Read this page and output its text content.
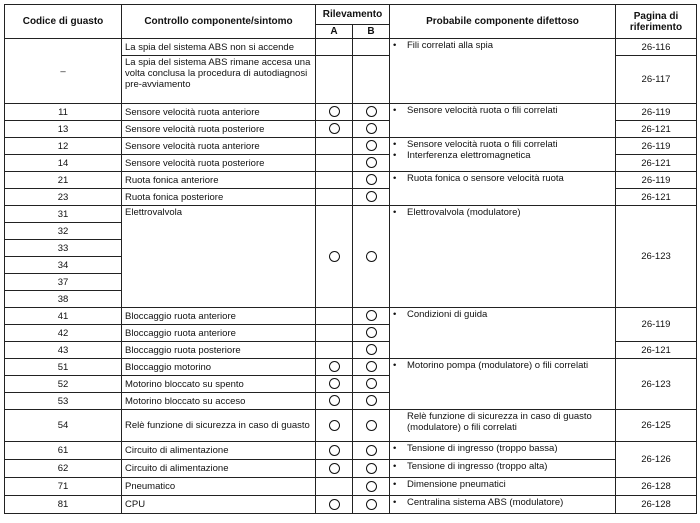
Codice di guasto	Controllo componente/sintomo	Rilevamento		Probabile componente difettoso	Pagina di
riferimento

		A	B		
–	La spia del sistema ABS non si accende			• Fili correlati alla spia	26-116
	La spia del sistema ABS rimane accesa una volta conclusa la procedura di autodiagnosi pre-avviamento				26-117
11	Sensore velocità ruota anteriore			• Sensore velocità ruota o fili correlati	26-119
13	Sensore velocità ruota posteriore				26-121
12	Sensore velocità ruota anteriore			• Sensore velocità ruota o fili correlati
• Interferenza elettromagnetica	26-119
14	Sensore velocità ruota posteriore				26-121
21	Ruota fonica anteriore			• Ruota fonica o sensore velocità ruota	26-119
23	Ruota fonica posteriore				26-121
31	Elettrovalvola			• Elettrovalvola (modulatore)	26-123
32					
33					
34					
37					
38					
41	Bloccaggio ruota anteriore			• Condizioni di guida	26-119
42	Bloccaggio ruota anteriore				
43	Bloccaggio ruota posteriore				26-121
51	Bloccaggio motorino			• Motorino pompa (modulatore) o fili correlati	26-123
52	Motorino bloccato su spento				
53	Motorino bloccato su acceso				
54	Relè funzione di sicurezza in caso di guasto			• Relè funzione di sicurezza in caso di guasto (modulatore) o fili correlati	26-125
61	Circuito di alimentazione			• Tensione di ingresso (troppo bassa)	26-126
62	Circuito di alimentazione			• Tensione di ingresso (troppo alta)

71	Pneumatico			• Dimensione pneumatici	26-128
81	CPU			• Centralina sistema ABS (modulatore)	26-128
